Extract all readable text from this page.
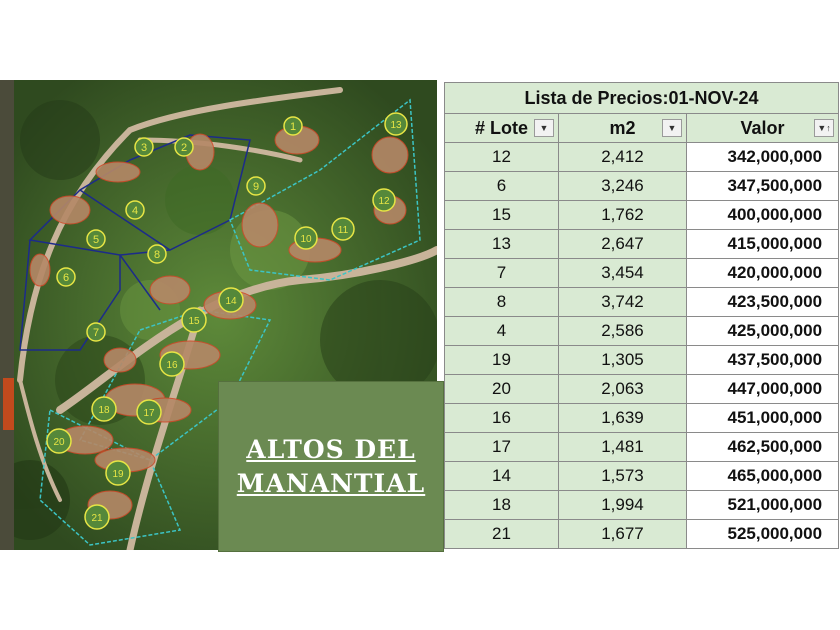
1
2
3
4
5
6
7
8
9
10
11
12
13
14
15
16
17
18
19
20
21
ALTOS DEL
MANANTIAL
Lista de Precios:01-NOV-24		
# Lote ▼	m2 ▼	Valor ▼↑

12	2,412	342,000,000
6	3,246	347,500,000
15	1,762	400,000,000
13	2,647	415,000,000
7	3,454	420,000,000
8	3,742	423,500,000
4	2,586	425,000,000
19	1,305	437,500,000
20	2,063	447,000,000
16	1,639	451,000,000
17	1,481	462,500,000
14	1,573	465,000,000
18	1,994	521,000,000
21	1,677	525,000,000
